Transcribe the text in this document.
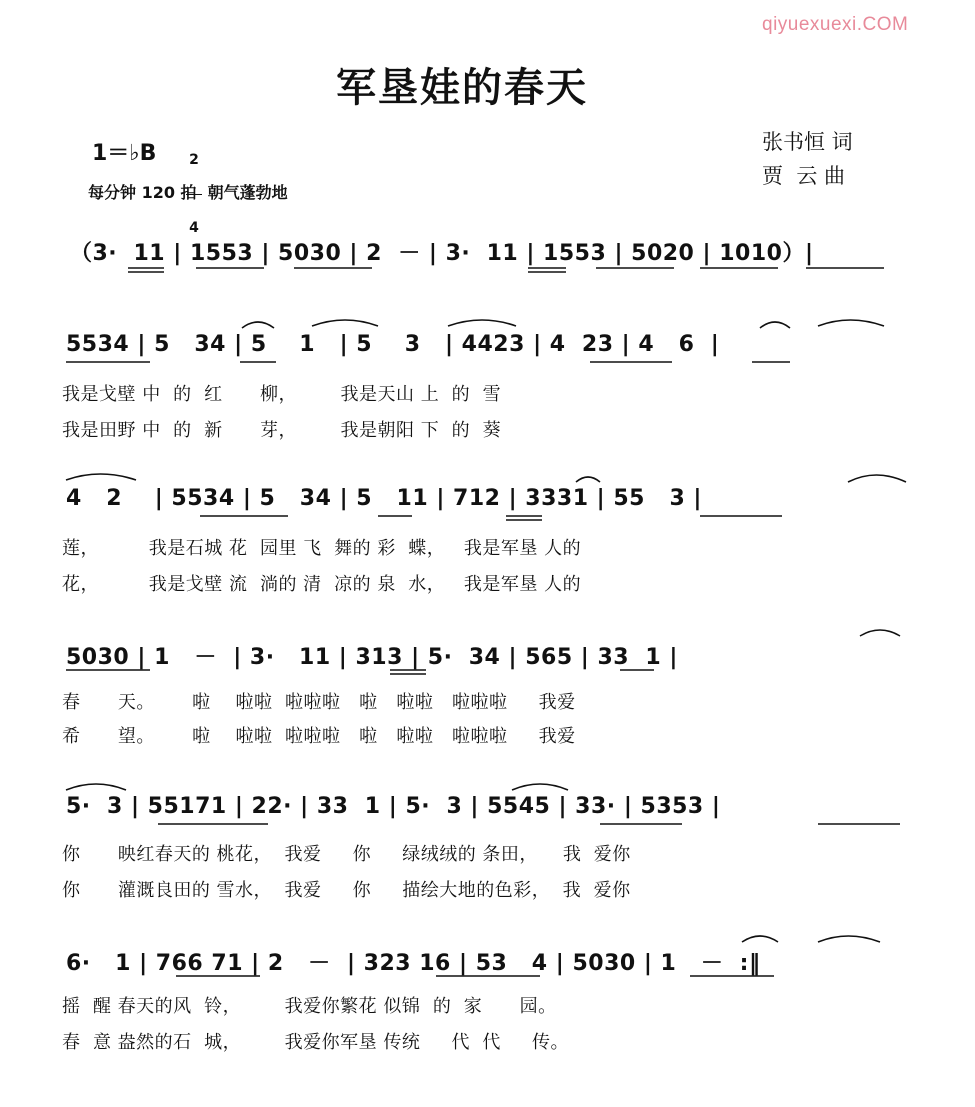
qiyuexuexi.COM
军垦娃的春天
1＝♭B

2

4

每分钟 120 拍  朝气蓬勃地
张书恒 词
贾  云 曲
（3·  11 | 1553 | 5030 | 2  － | 3·  11 | 1553 | 5020 | 1010）|
5534 | 5   34 | 5    1   | 5    3   | 4423 | 4  23 | 4   6  |
我是戈壁 中  的  红      柳，       我是天山 上  的  雪
我是田野 中  的  新      芽，       我是朝阳 下  的  葵
4   2    | 5534 | 5   34 | 5   11 | 712 | 3331 | 55   3 |
莲，        我是石城 花  园里 飞  舞的 彩  蝶，   我是军垦 人的
花，        我是戈壁 流  淌的 清  凉的 泉  水，   我是军垦 人的
5030 | 1   －  | 3·   11 | 313 | 5·  34 | 565 | 33  1 |
春      天。      啦    啦啦  啦啦啦   啦   啦啦   啦啦啦     我爱
希      望。      啦    啦啦  啦啦啦   啦   啦啦   啦啦啦     我爱
5·  3 | 55171 | 22· | 33  1 | 5·  3 | 5545 | 33· | 5353 |
你      映红春天的 桃花，  我爱     你     绿绒绒的 条田，    我  爱你
你      灌溉良田的 雪水，  我爱     你     描绘大地的色彩，  我  爱你
6·   1 | 766 71 | 2   －  | 323 16 | 53   4 | 5030 | 1   －  :‖
摇  醒 春天的风  铃，       我爱你繁花 似锦  的  家      园。
春  意 盎然的石  城，       我爱你军垦 传统     代  代     传。
